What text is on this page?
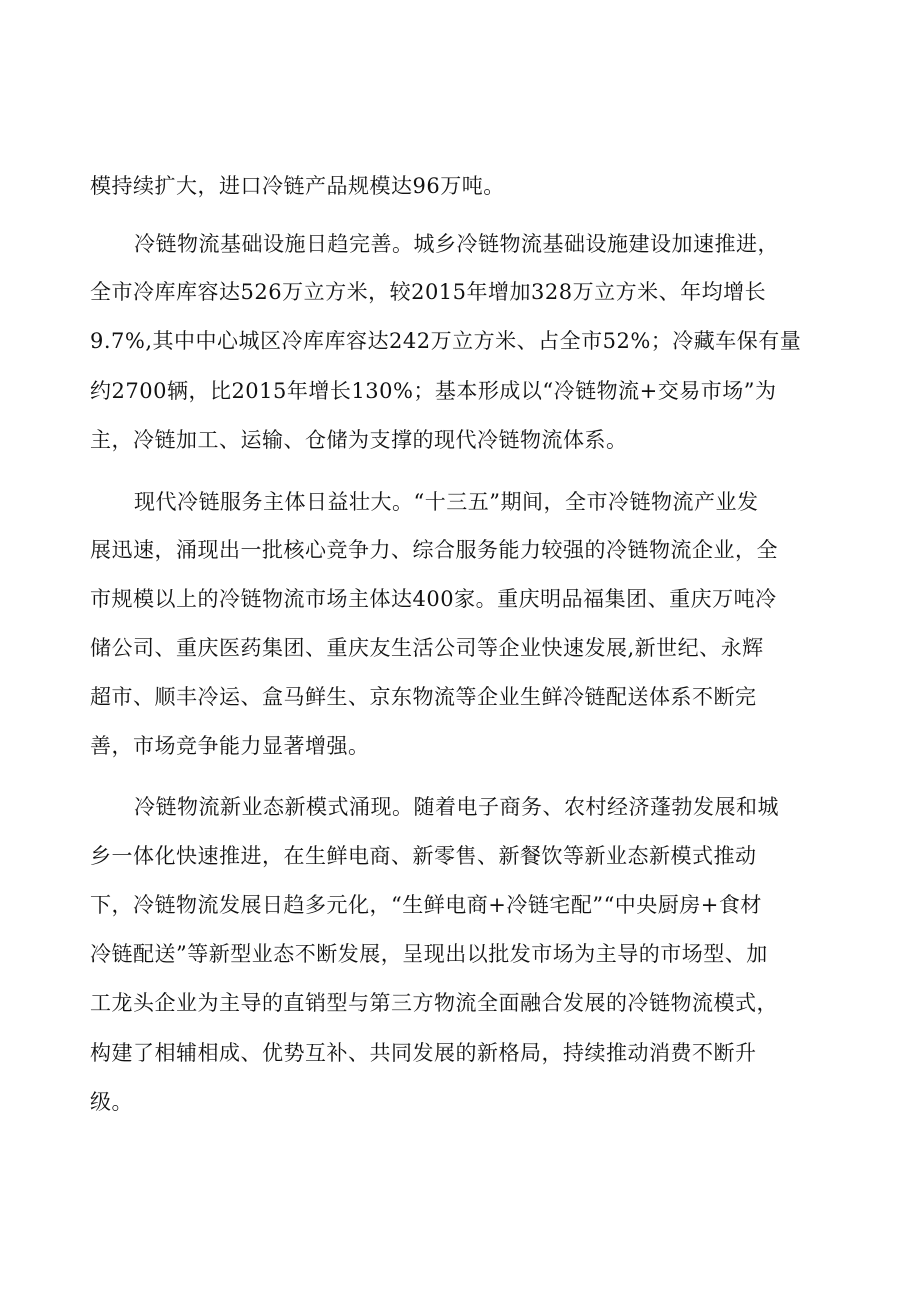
模持续扩大，进口冷链产品规模达96万吨。
冷链物流基础设施日趋完善。城乡冷链物流基础设施建设加速推进，
全市冷库库容达526万立方米，较2015年增加328万立方米、年均增长
9.7%,其中中心城区冷库库容达242万立方米、占全市52%；冷藏车保有量
约2700辆，比2015年增长130%；基本形成以“冷链物流+交易市场”为
主，冷链加工、运输、仓储为支撑的现代冷链物流体系。
现代冷链服务主体日益壮大。“十三五”期间，全市冷链物流产业发
展迅速，涌现出一批核心竞争力、综合服务能力较强的冷链物流企业，全
市规模以上的冷链物流市场主体达400家。重庆明品福集团、重庆万吨冷
储公司、重庆医药集团、重庆友生活公司等企业快速发展,新世纪、永辉
超市、顺丰冷运、盒马鲜生、京东物流等企业生鲜冷链配送体系不断完
善，市场竞争能力显著增强。
冷链物流新业态新模式涌现。随着电子商务、农村经济蓬勃发展和城
乡一体化快速推进，在生鲜电商、新零售、新餐饮等新业态新模式推动
下，冷链物流发展日趋多元化，“生鲜电商+冷链宅配”“中央厨房+食材
冷链配送”等新型业态不断发展，呈现出以批发市场为主导的市场型、加
工龙头企业为主导的直销型与第三方物流全面融合发展的冷链物流模式，
构建了相辅相成、优势互补、共同发展的新格局，持续推动消费不断升
级。
